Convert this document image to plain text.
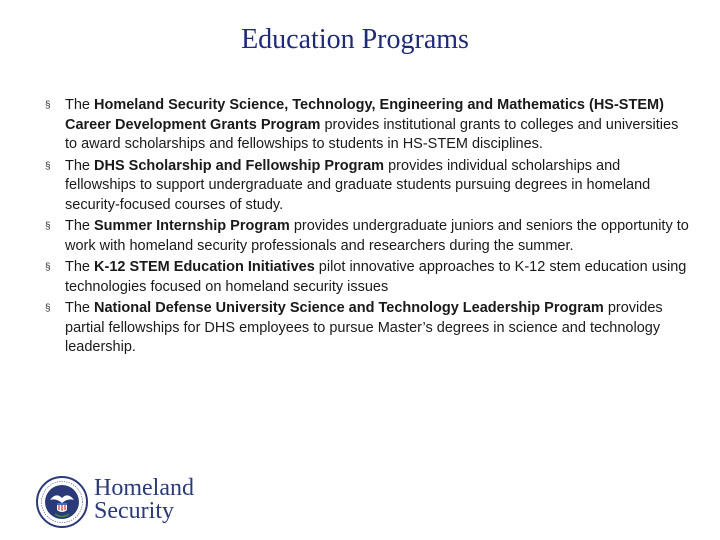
Education Programs
§ The Homeland Security Science, Technology, Engineering and Mathematics (HS-STEM) Career Development Grants Program provides institutional grants to colleges and universities to award scholarships and fellowships to students in HS-STEM disciplines.
§ The DHS Scholarship and Fellowship Program provides individual scholarships and fellowships to support undergraduate and graduate students pursuing degrees in homeland security-focused courses of study.
§ The Summer Internship Program provides undergraduate juniors and seniors the opportunity to work with homeland security professionals and researchers during the summer.
§ The K-12 STEM Education Initiatives pilot innovative approaches to K-12 stem education using technologies focused on homeland security issues
§ The National Defense University Science and Technology Leadership Program provides partial fellowships for DHS employees to pursue Master’s degrees in science and technology leadership.
Homeland
Security
